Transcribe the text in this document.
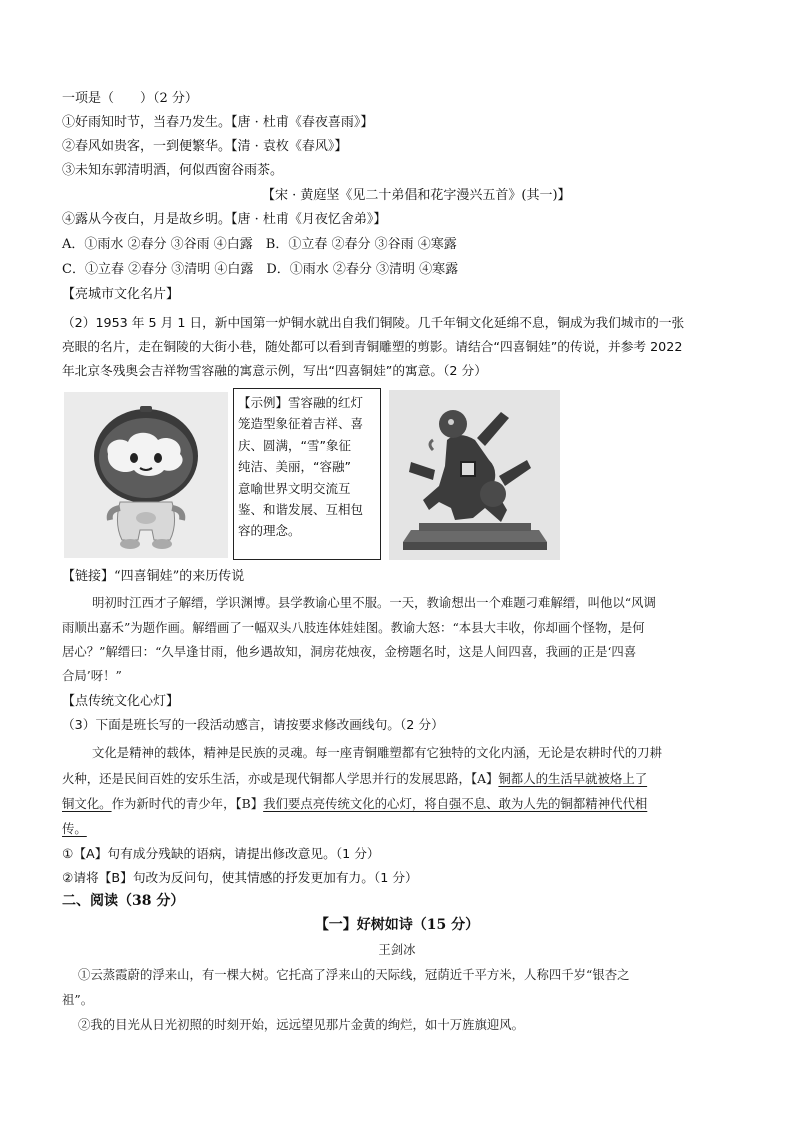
一项是（　　）（2 分）
①好雨知时节，当春乃发生。【唐 · 杜甫《春夜喜雨》】
②春风如贵客，一到便繁华。【清 · 袁枚《春风》】
③未知东郭清明酒，何似西窗谷雨茶。
【宋 · 黄庭坚《见二十弟倡和花字漫兴五首》(其一)】
④露从今夜白，月是故乡明。【唐 · 杜甫《月夜忆舍弟》】
A．①雨水 ②春分 ③谷雨 ④白露　B．①立春 ②春分 ③谷雨 ④寒露
C．①立春 ②春分 ③清明 ④白露　D．①雨水 ②春分 ③清明 ④寒露
【亮城市文化名片】
（2）1953 年 5 月 1 日，新中国第一炉铜水就出自我们铜陵。几千年铜文化延绵不息，铜成为我们城市的一张
亮眼的名片，走在铜陵的大街小巷，随处都可以看到青铜雕塑的剪影。请结合“四喜铜娃”的传说，并参考 2022
年北京冬残奥会吉祥物雪容融的寓意示例，写出“四喜铜娃”的寓意。（2 分）
【示例】雪容融的红灯
笼造型象征着吉祥、喜
庆、圆满，“雪”象征
纯洁、美丽，“容融”
意喻世界文明交流互
鉴、和谐发展、互相包
容的理念。
【链接】“四喜铜娃”的来历传说
明初时江西才子解缙，学识渊博。县学教谕心里不服。一天，教谕想出一个难题刁难解缙，叫他以“风调
雨顺出嘉禾”为题作画。解缙画了一幅双头八肢连体娃娃图。教谕大怒：“本县大丰收，你却画个怪物，是何
居心？”解缙曰：“久旱逢甘雨，他乡遇故知，洞房花烛夜，金榜题名时，这是人间四喜，我画的正是‘四喜
合局’呀！”
【点传统文化心灯】
（3）下面是班长写的一段活动感言，请按要求修改画线句。（2 分）
文化是精神的载体，精神是民族的灵魂。每一座青铜雕塑都有它独特的文化内涵，无论是农耕时代的刀耕
火种，还是民间百姓的安乐生活，亦或是现代铜都人学思并行的发展思路，【A】铜都人的生活早就被烙上了
铜文化。作为新时代的青少年，【B】我们要点亮传统文化的心灯，将自强不息、敢为人先的铜都精神代代相
传。
①【A】句有成分残缺的语病，请提出修改意见。（1 分）
②请将【B】句改为反问句，使其情感的抒发更加有力。（1 分）
二、阅读（38 分）
【一】好树如诗（15 分）
王剑冰
①云蒸霞蔚的浮来山，有一棵大树。它托高了浮来山的天际线，冠荫近千平方米，人称四千岁“银杏之
祖”。
②我的目光从日光初照的时刻开始，远远望见那片金黄的绚烂，如十万旌旗迎风。
